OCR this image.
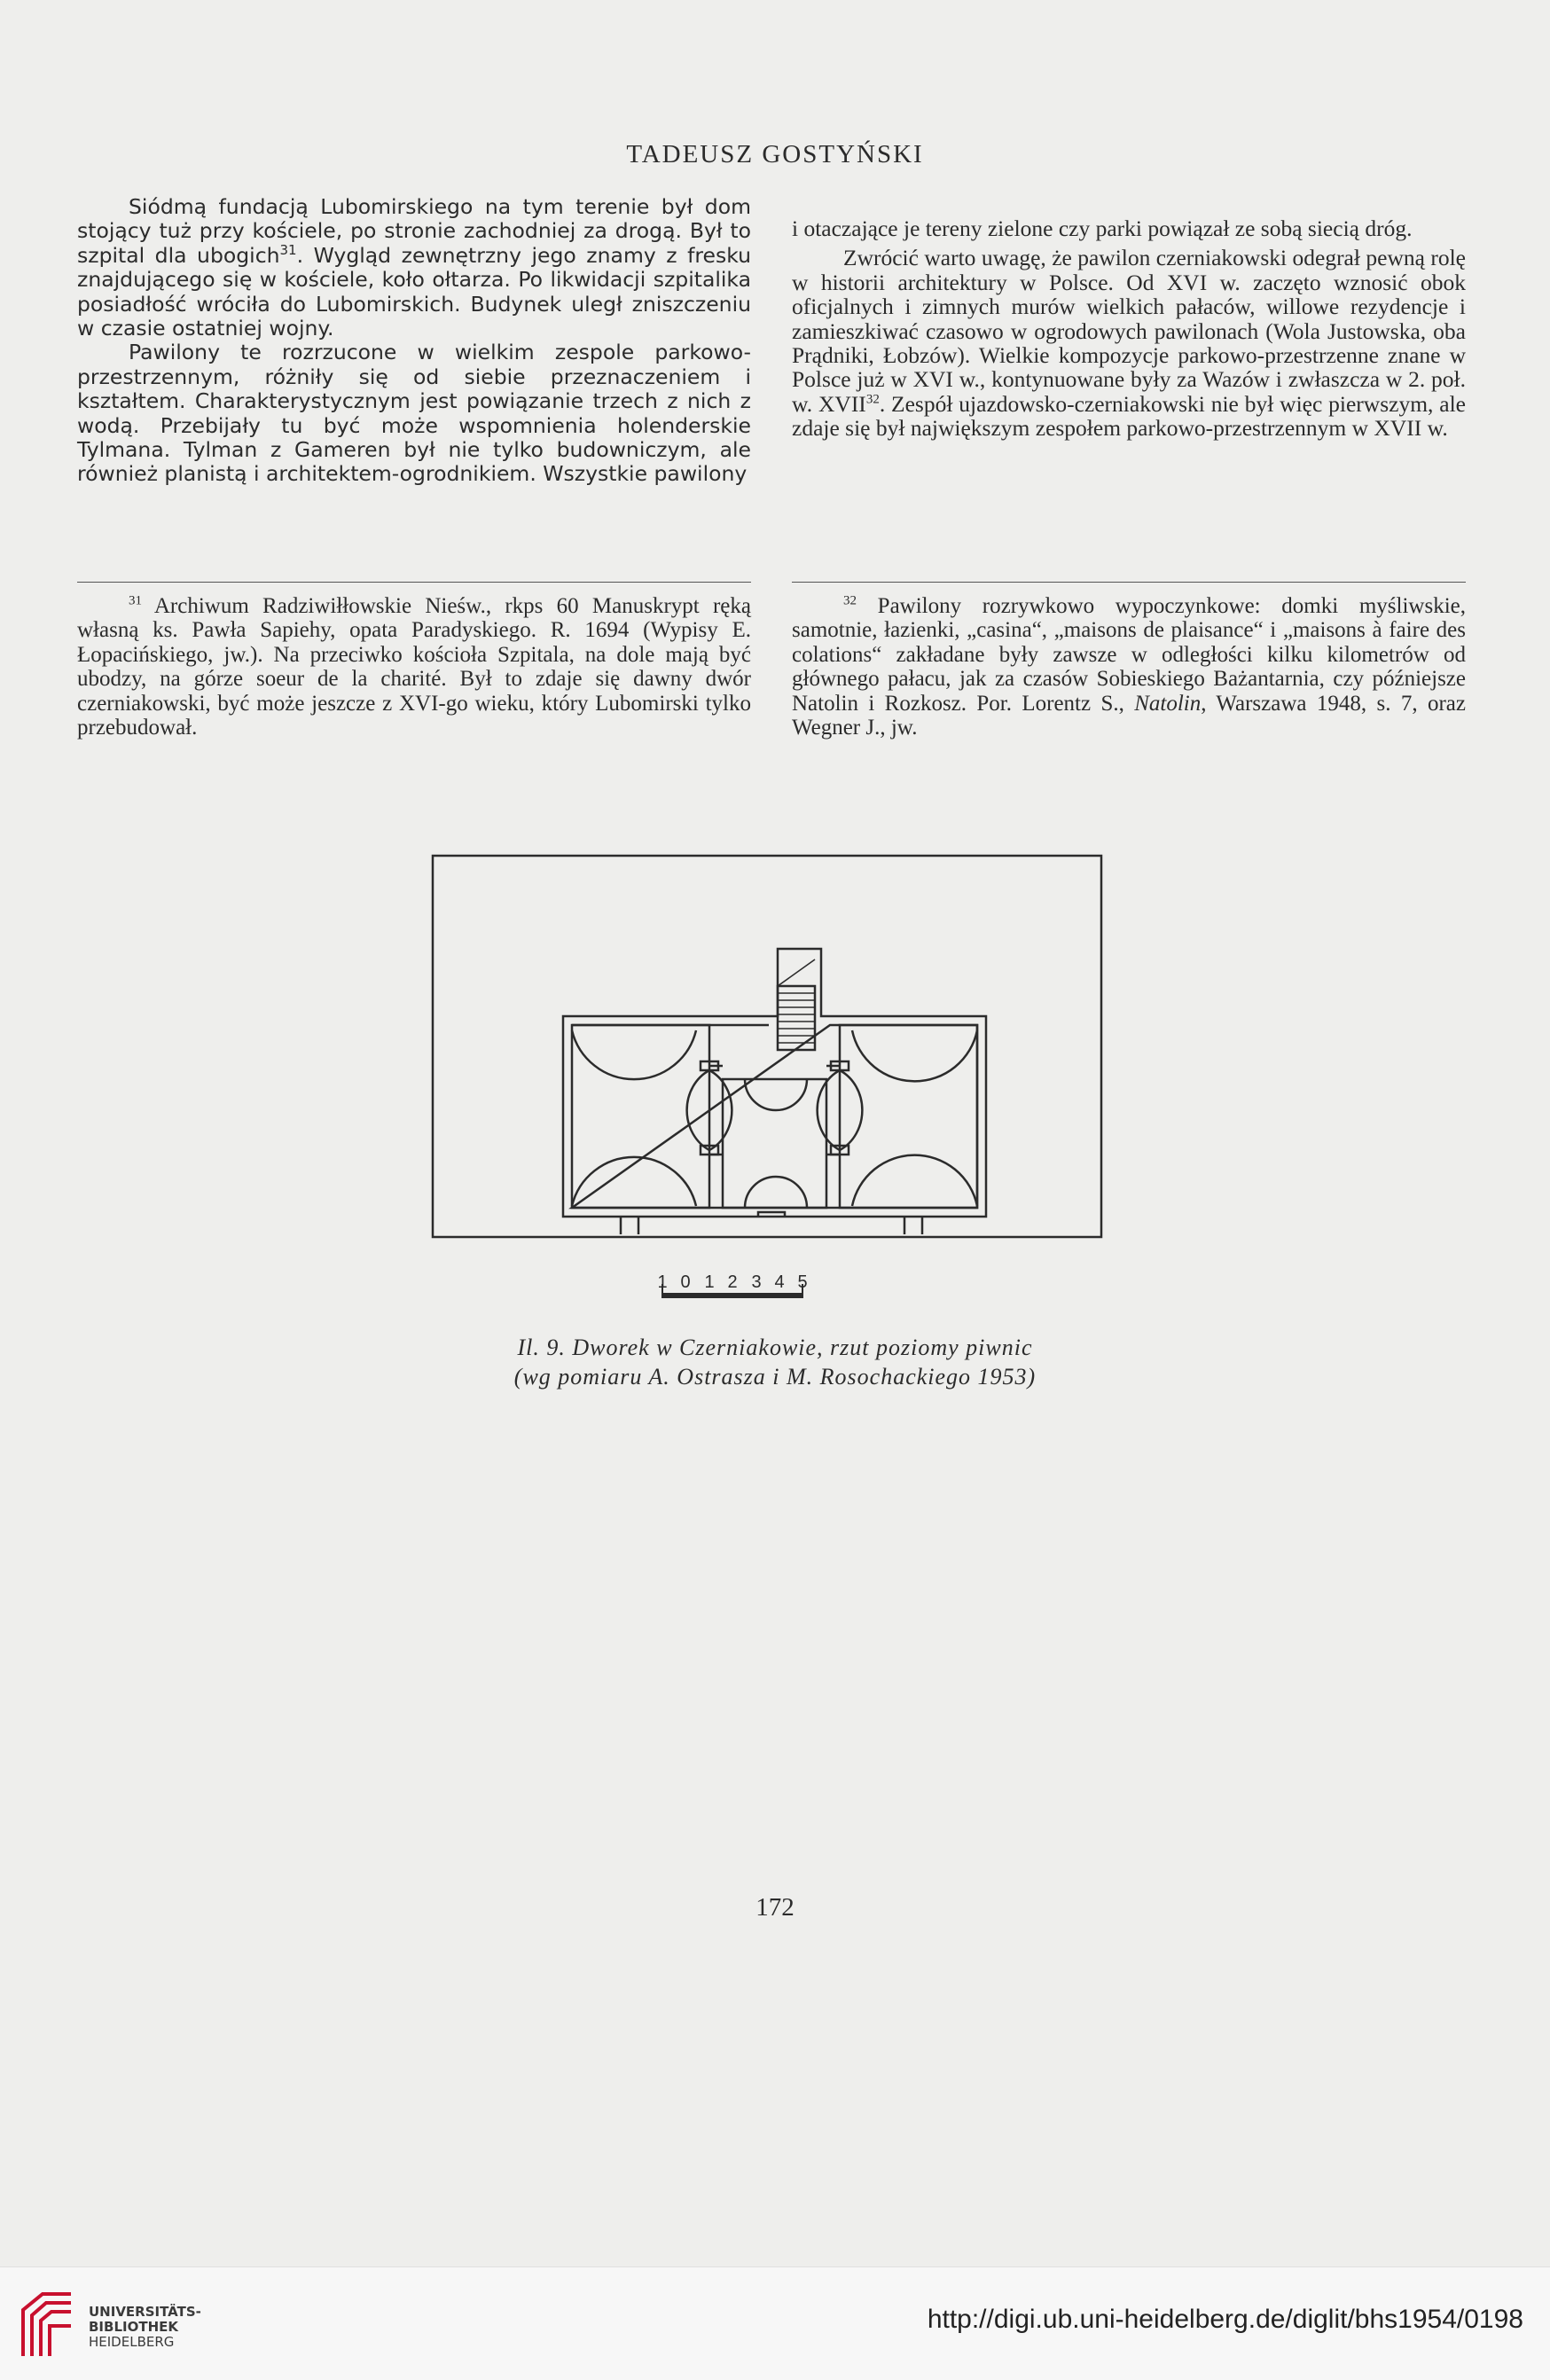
TADEUSZ GOSTYŃSKI

Siódmą fundacją Lubomirskiego na tym terenie był dom stojący tuż przy kościele, po stronie zachodniej za drogą. Był to szpital dla ubogich$^{31}$. Wygląd zewnętrzny jego znamy z fresku znajdującego się w kościele, koło ołtarza. Po likwidacji szpitalika posiadłość wróciła do Lubomirskich. Budynek uległ zniszczeniu w czasie ostatniej wojny.

Pawilony te rozrzucone w wielkim zespole parkowo-przestrzennym, różniły się od siebie przeznaczeniem i kształtem. Charakterystycznym jest powiązanie trzech z nich z wodą. Przebijały tu być może wspomnienia holenderskie Tylmana. Tylman z Gameren był nie tylko budowniczym, ale również planistą i architektem-ogrodnikiem. Wszystkie pawilony

i otaczające je tereny zielone czy parki powiązał ze sobą siecią dróg.

Zwrócić warto uwagę, że pawilon czerniakowski odegrał pewną rolę w historii architektury w Polsce. Od XVI w. zaczęto wznosić obok oficjalnych i zimnych murów wielkich pałaców, willowe rezydencje i zamieszkiwać czasowo w ogrodowych pawilonach (Wola Justowska, oba Prądniki, Łobzów). Wielkie kompozycje parkowo-przestrzenne znane w Polsce już w XVI w., kontynuowane były za Wazów i zwłaszcza w 2. poł. w. XVII$^{32}$. Zespół ujazdowsko-czerniakowski nie był więc pierwszym, ale zdaje się był największym zespołem parkowo-przestrzennym w XVII w.

$^{31}$ Archiwum Radziwiłłowskie Nieśw., rkps 60 Manuskrypt ręką własną ks. Pawła Sapiehy, opata Paradyskiego. R. 1694 (Wypisy E. Łopacińskiego, jw.). Na przeciwko kościoła Szpitala, na dole mają być ubodzy, na górze soeur de la charité. Był to zdaje się dawny dwór czerniakowski, być może jeszcze z XVI-go wieku, który Lubomirski tylko przebudował.

$^{32}$ Pawilony rozrywkowo wypoczynkowe: domki myśliwskie, samotnie, łazienki, „casina“, „maisons de plaisance“ i „maisons à faire des colations“ zakładane były zawsze w odległości kilku kilometrów od głównego pałacu, jak za czasów Sobieskiego Bażantarnia, czy późniejsze Natolin i Rozkosz. Por. Lorentz S., Natolin, Warszawa 1948, s. 7, oraz Wegner J., jw.

1 0 1 2 3 4 5
Il. 9. Dworek w Czerniakowie, rzut poziomy piwnic
(wg pomiaru A. Ostrasza i M. Rosochackiego 1953)
172
UNIVERSITÄTS-
BIBLIOTHEK
HEIDELBERG
http://digi.ub.uni-heidelberg.de/diglit/bhs1954/0198
